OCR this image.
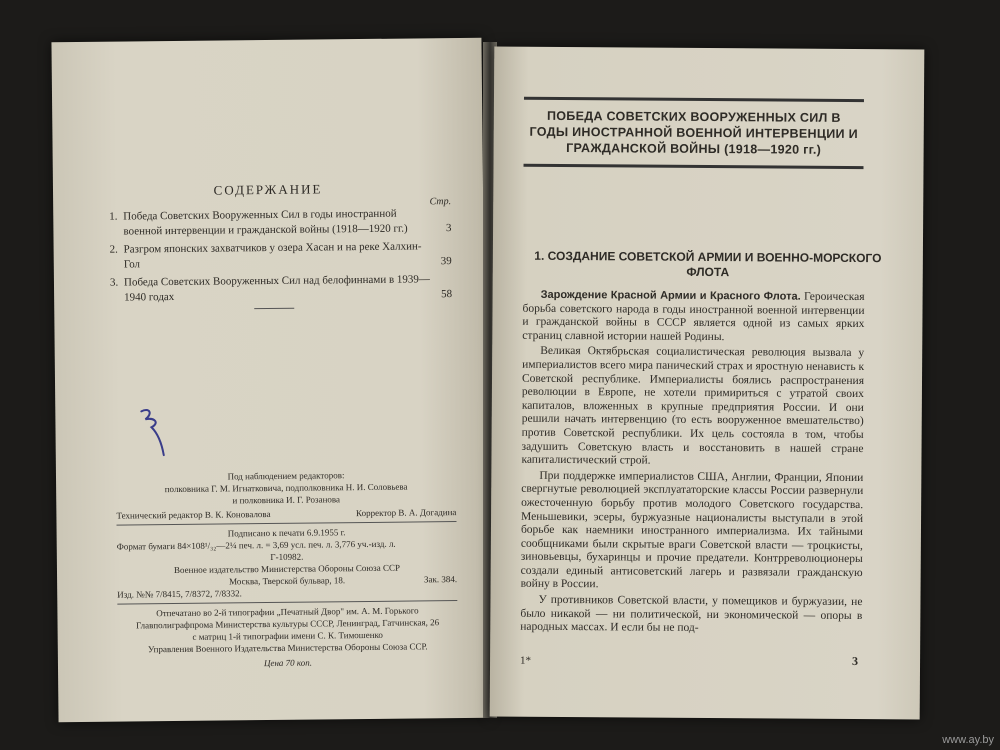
СОДЕРЖАНИЕ
Стр.
1. Победа Советских Вооруженных Сил в годы иностранной военной интервенции и гражданской войны (1918—1920 гг.)	3
2. Разгром японских захватчиков у озера Хасан и на реке Халхин-Гол	39
3. Победа Советских Вооруженных Сил над белофиннами в 1939—1940 годах	58
Под наблюдением редакторов:
полковника Г. М. Игнатковича, подполковника Н. И. Соловьева
и полковника И. Г. Розанова
Технический редактор В. К. Коновалова	Корректор В. А. Догадина
Подписано к печати 6.9.1955 г.
Формат бумаги 84×108¹/₃₂—2¼ печ. л. = 3,69 усл. печ. л. 3,776 уч.-изд. л.
Г-10982.
Военное издательство Министерства Обороны Союза ССР
Москва, Тверской бульвар, 18.	Зак. 384.
Изд. №№ 7/8415, 7/8372, 7/8332.
Отпечатано во 2-й типографии „Печатный Двор" им. А. М. Горького
Главполиграфпрома Министерства культуры СССР, Ленинград, Гатчинская, 26
с матриц 1-й типографии имени С. К. Тимошенко
Управления Военного Издательства Министерства Обороны Союза ССР.
Цена 70 коп.
ПОБЕДА СОВЕТСКИХ ВООРУЖЕННЫХ СИЛ В ГОДЫ ИНОСТРАННОЙ ВОЕННОЙ ИНТЕРВЕНЦИИ И ГРАЖДАНСКОЙ ВОЙНЫ (1918—1920 гг.)
1. СОЗДАНИЕ СОВЕТСКОЙ АРМИИ И ВОЕННО-МОРСКОГО ФЛОТА

Зарождение Красной Армии и Красного Флота. Героическая борьба советского народа в годы иностранной военной интервенции и гражданской войны в СССР является одной из самых ярких страниц славной истории нашей Родины.

Великая Октябрьская социалистическая революция вызвала у империалистов всего мира панический страх и яростную ненависть к Советской республике. Империалисты боялись распространения революции в Европе, не хотели примириться с утратой своих капиталов, вложенных в крупные предприятия России. И они решили начать интервенцию (то есть вооруженное вмешательство) против Советской республики. Их цель состояла в том, чтобы задушить Советскую власть и восстановить в нашей стране капиталистический строй.

При поддержке империалистов США, Англии, Франции, Японии свергнутые революцией эксплуататорские классы России развернули ожесточенную борьбу против молодого Советского государства. Меньшевики, эсеры, буржуазные националисты выступали в этой борьбе как наемники иностранного империализма. Их тайными сообщниками были скрытые враги Советской власти — троцкисты, зиновьевцы, бухаринцы и прочие предатели. Контрреволюционеры создали единый антисоветский лагерь и развязали гражданскую войну в России.

У противников Советской власти, у помещиков и буржуазии, не было никакой — ни политической, ни экономической — опоры в народных массах. И если бы не под-

1*	3
www.ay.by
